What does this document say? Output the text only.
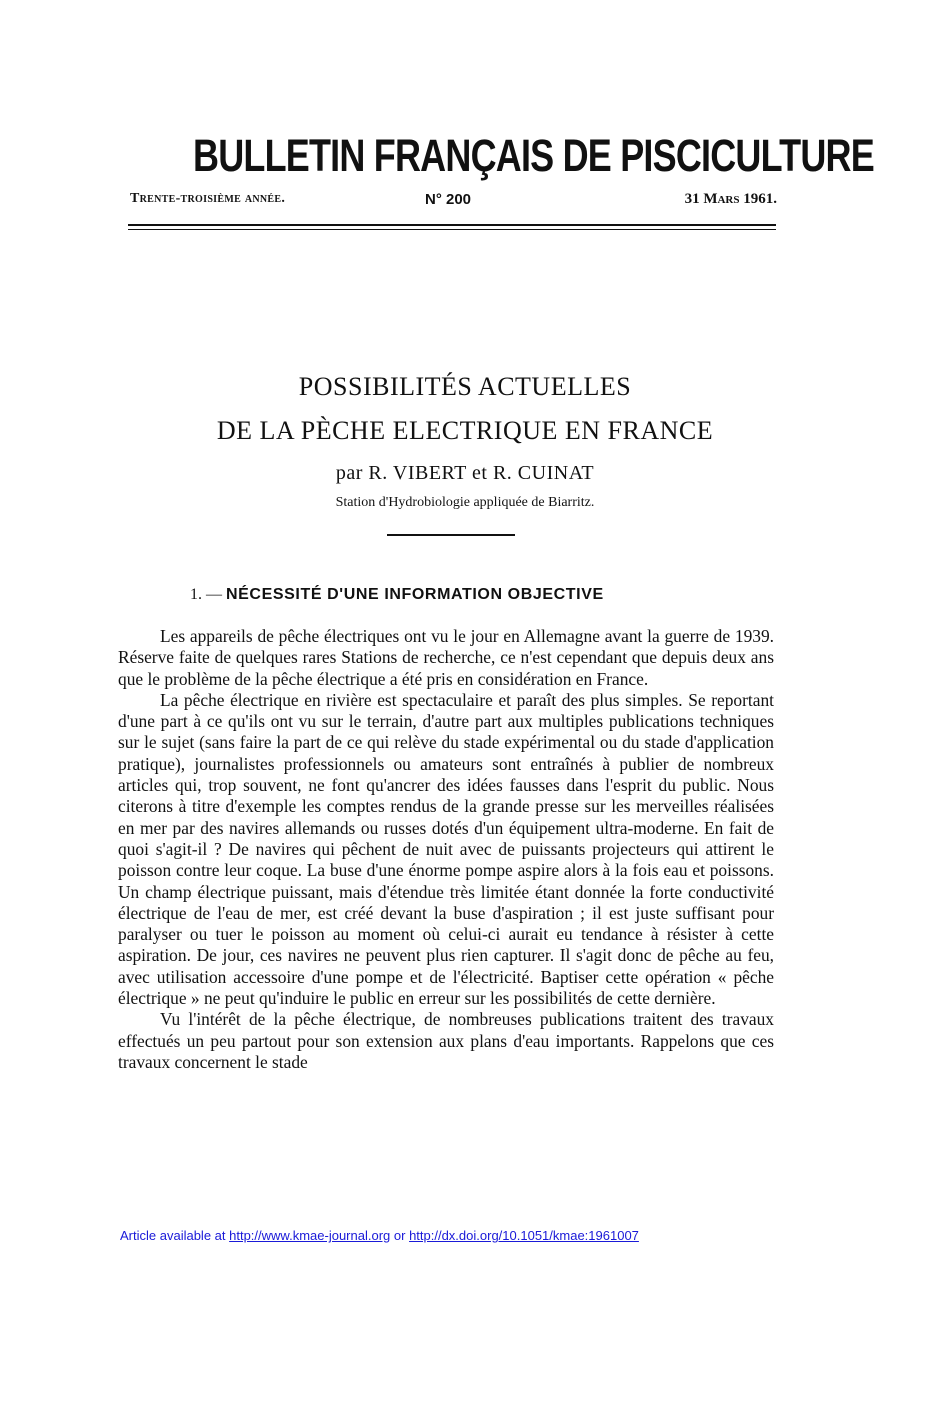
BULLETIN FRANÇAIS DE PISCICULTURE
Trente-troisième année.	N° 200	31 Mars 1961.
POSSIBILITÉS ACTUELLES
DE LA PÈCHE ELECTRIQUE EN FRANCE
par R. VIBERT et R. CUINAT
Station d'Hydrobiologie appliquée de Biarritz.
1. — NÉCESSITÉ D'UNE INFORMATION OBJECTIVE

Les appareils de pêche électriques ont vu le jour en Allemagne avant la guerre de 1939. Réserve faite de quelques rares Stations de recherche, ce n'est cependant que depuis deux ans que le problème de la pêche électrique a été pris en considération en France.

La pêche électrique en rivière est spectaculaire et paraît des plus simples. Se reportant d'une part à ce qu'ils ont vu sur le terrain, d'autre part aux multiples publications techniques sur le sujet (sans faire la part de ce qui relève du stade expérimental ou du stade d'application pratique), journalistes professionnels ou amateurs sont entraînés à publier de nombreux articles qui, trop souvent, ne font qu'ancrer des idées fausses dans l'esprit du public. Nous citerons à titre d'exemple les comptes rendus de la grande presse sur les merveilles réalisées en mer par des navires allemands ou russes dotés d'un équipement ultra-moderne. En fait de quoi s'agit-il ? De navires qui pêchent de nuit avec de puissants projecteurs qui attirent le poisson contre leur coque. La buse d'une énorme pompe aspire alors à la fois eau et poissons. Un champ électrique puissant, mais d'étendue très limitée étant donnée la forte conductivité électrique de l'eau de mer, est créé devant la buse d'aspiration ; il est juste suffisant pour paralyser ou tuer le poisson au moment où celui-ci aurait eu tendance à résister à cette aspiration. De jour, ces navires ne peuvent plus rien capturer. Il s'agit donc de pêche au feu, avec utilisation accessoire d'une pompe et de l'électricité. Baptiser cette opération « pêche électrique » ne peut qu'induire le public en erreur sur les possibilités de cette dernière.

Vu l'intérêt de la pêche électrique, de nombreuses publications traitent des travaux effectués un peu partout pour son extension aux plans d'eau importants. Rappelons que ces travaux concernent le stade

Article available at http://www.kmae-journal.org or http://dx.doi.org/10.1051/kmae:1961007
